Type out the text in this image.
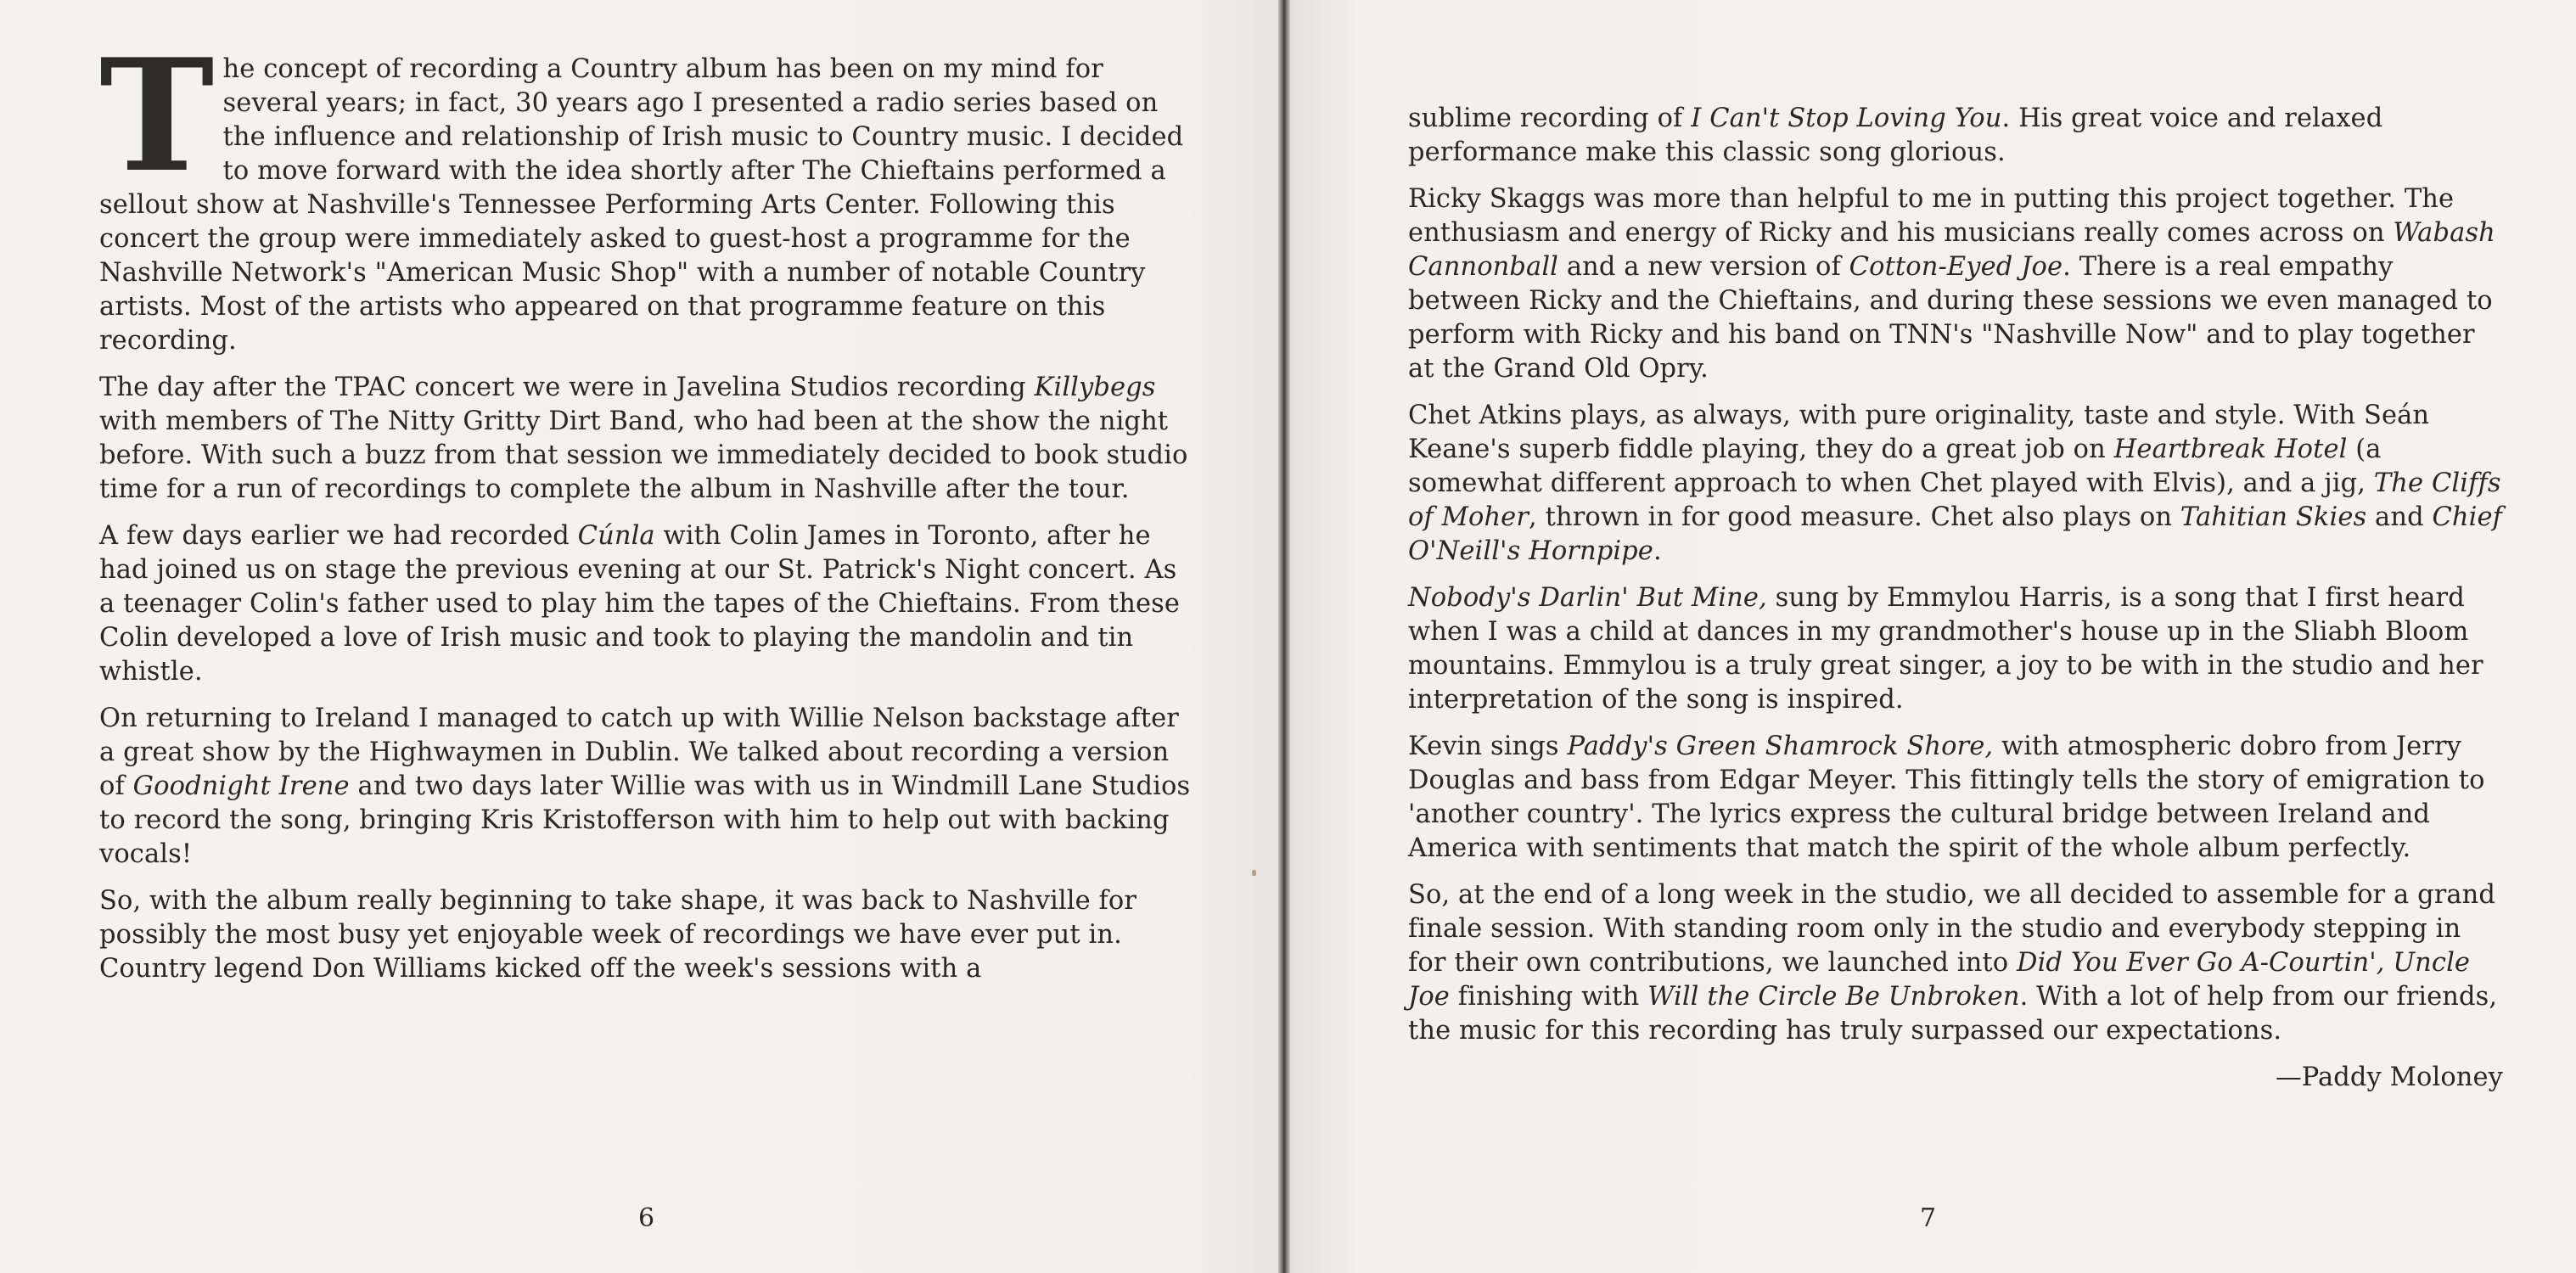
T he concept of recording a Country album has been on my mind for several years; in fact, 30 years ago I presented a radio series based on the influence and relationship of Irish music to Country music. I decided to move forward with the idea shortly after The Chieftains performed a sellout show at Nashville's Tennessee Performing Arts Center. Following this concert the group were immediately asked to guest-host a programme for the Nashville Network's "American Music Shop" with a number of notable Country artists. Most of the artists who appeared on that programme feature on this recording.

The day after the TPAC concert we were in Javelina Studios recording Killybegs with members of The Nitty Gritty Dirt Band, who had been at the show the night before. With such a buzz from that session we immediately decided to book studio time for a run of recordings to complete the album in Nashville after the tour.

A few days earlier we had recorded Cúnla with Colin James in Toronto, after he had joined us on stage the previous evening at our St. Patrick's Night concert. As a teenager Colin's father used to play him the tapes of the Chieftains. From these Colin developed a love of Irish music and took to playing the mandolin and tin whistle.

On returning to Ireland I managed to catch up with Willie Nelson backstage after a great show by the Highwaymen in Dublin. We talked about recording a version of Goodnight Irene and two days later Willie was with us in Windmill Lane Studios to record the song, bringing Kris Kristofferson with him to help out with backing vocals!

So, with the album really beginning to take shape, it was back to Nashville for possibly the most busy yet enjoyable week of recordings we have ever put in. Country legend Don Williams kicked off the week's sessions with a

6	7

sublime recording of I Can't Stop Loving You. His great voice and relaxed performance make this classic song glorious.

Ricky Skaggs was more than helpful to me in putting this project together. The enthusiasm and energy of Ricky and his musicians really comes across on Wabash Cannonball and a new version of Cotton-Eyed Joe. There is a real empathy between Ricky and the Chieftains, and during these sessions we even managed to perform with Ricky and his band on TNN's "Nashville Now" and to play together at the Grand Old Opry.

Chet Atkins plays, as always, with pure originality, taste and style. With Seán Keane's superb fiddle playing, they do a great job on Heartbreak Hotel (a somewhat different approach to when Chet played with Elvis), and a jig, The Cliffs of Moher, thrown in for good measure. Chet also plays on Tahitian Skies and Chief O'Neill's Hornpipe.

Nobody's Darlin' But Mine, sung by Emmylou Harris, is a song that I first heard when I was a child at dances in my grandmother's house up in the Sliabh Bloom mountains. Emmylou is a truly great singer, a joy to be with in the studio and her interpretation of the song is inspired.

Kevin sings Paddy's Green Shamrock Shore, with atmospheric dobro from Jerry Douglas and bass from Edgar Meyer. This fittingly tells the story of emigration to 'another country'. The lyrics express the cultural bridge between Ireland and America with sentiments that match the spirit of the whole album perfectly.

So, at the end of a long week in the studio, we all decided to assemble for a grand finale session. With standing room only in the studio and everybody stepping in for their own contributions, we launched into Did You Ever Go A-Courtin', Uncle Joe finishing with Will the Circle Be Unbroken. With a lot of help from our friends, the music for this recording has truly surpassed our expectations.

—Paddy Moloney
